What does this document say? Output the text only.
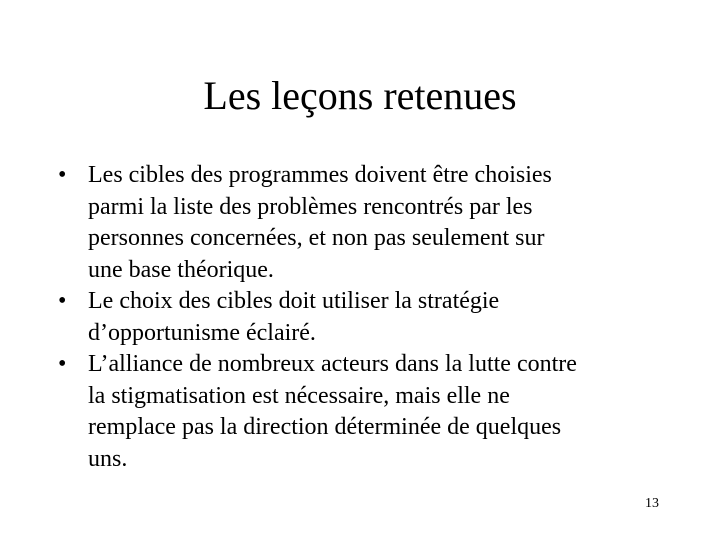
Les leçons retenues
• Les cibles des programmes doivent être choisies
parmi la liste des problèmes rencontrés par les
personnes concernées, et non pas seulement sur
une base théorique.
• Le choix des cibles doit utiliser la stratégie
d’opportunisme éclairé.
• L’alliance de nombreux acteurs dans la lutte contre
la stigmatisation est nécessaire, mais elle ne
remplace pas la direction déterminée de quelques
uns.
13
